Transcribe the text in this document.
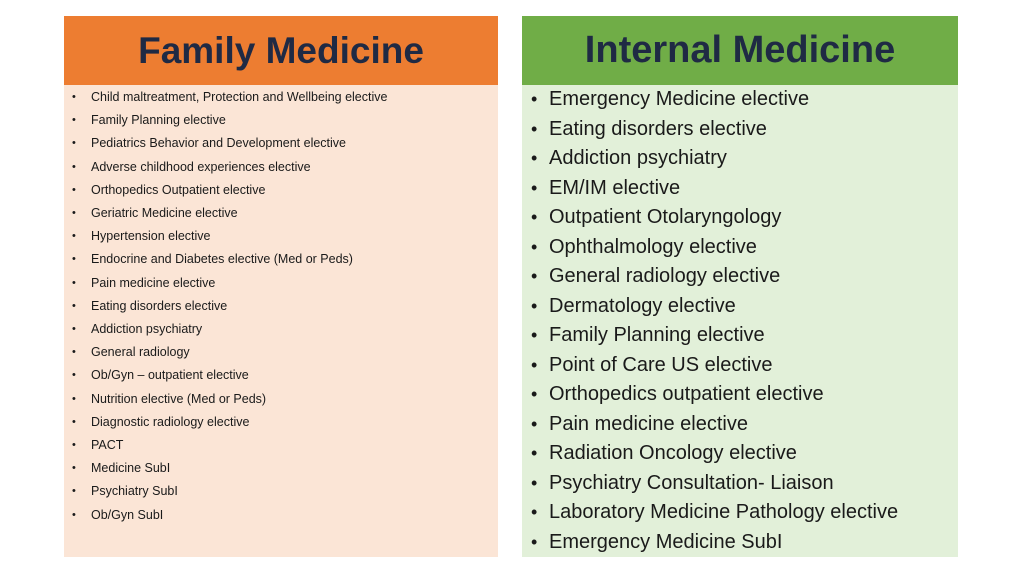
Family Medicine
• Child maltreatment, Protection and Wellbeing elective
• Family Planning elective
• Pediatrics Behavior and Development elective
• Adverse childhood experiences elective
• Orthopedics Outpatient elective
• Geriatric Medicine elective
• Hypertension elective
• Endocrine and Diabetes elective (Med or Peds)
• Pain medicine elective
• Eating disorders elective
• Addiction psychiatry
• General radiology
• Ob/Gyn – outpatient elective
• Nutrition elective (Med or Peds)
• Diagnostic radiology elective
• PACT
• Medicine SubI
• Psychiatry SubI
• Ob/Gyn SubI
Internal Medicine
• Emergency Medicine elective
• Eating disorders elective
• Addiction psychiatry
• EM/IM elective
• Outpatient Otolaryngology
• Ophthalmology elective
• General radiology elective
• Dermatology elective
• Family Planning elective
• Point of Care US elective
• Orthopedics outpatient elective
• Pain medicine elective
• Radiation Oncology elective
• Psychiatry Consultation- Liaison
• Laboratory Medicine Pathology elective
• Emergency Medicine SubI
